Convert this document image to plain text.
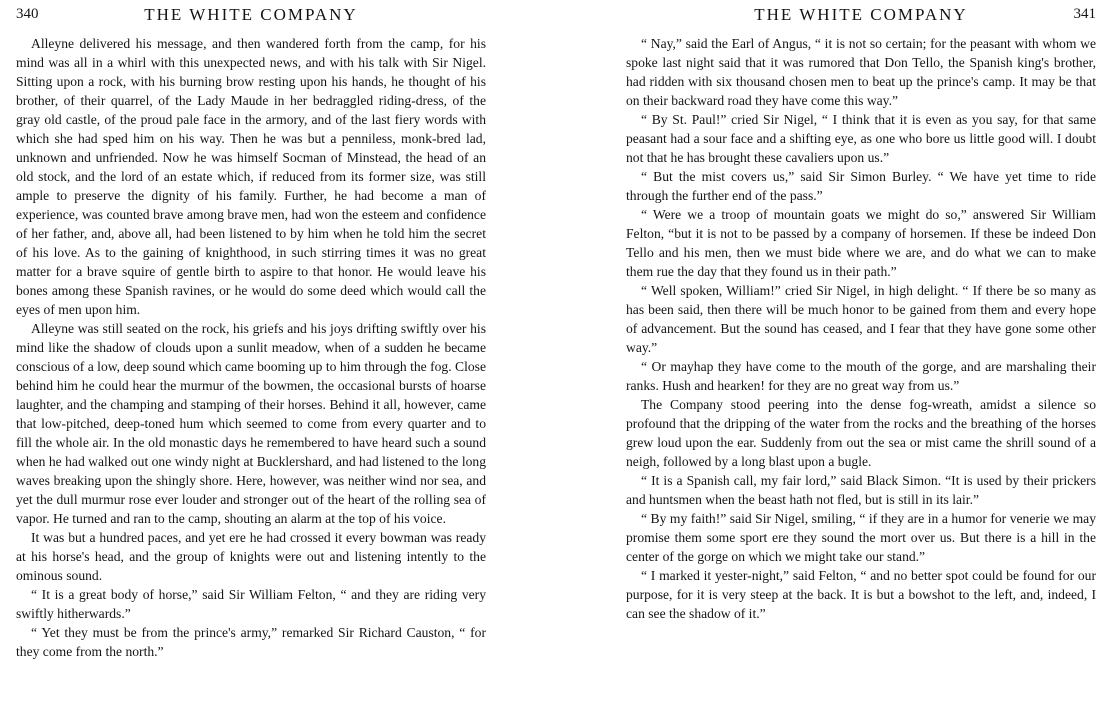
340	THE WHITE COMPANY

Alleyne delivered his message, and then wandered forth from the camp, for his mind was all in a whirl with this unexpected news, and with his talk with Sir Nigel. Sitting upon a rock, with his burning brow resting upon his hands, he thought of his brother, of their quarrel, of the Lady Maude in her bedraggled riding-dress, of the gray old castle, of the proud pale face in the armory, and of the last fiery words with which she had sped him on his way. Then he was but a penniless, monk-bred lad, unknown and unfriended. Now he was himself Socman of Minstead, the head of an old stock, and the lord of an estate which, if reduced from its former size, was still ample to preserve the dignity of his family. Further, he had become a man of experience, was counted brave among brave men, had won the esteem and confidence of her father, and, above all, had been listened to by him when he told him the secret of his love. As to the gaining of knighthood, in such stirring times it was no great matter for a brave squire of gentle birth to aspire to that honor. He would leave his bones among these Spanish ravines, or he would do some deed which would call the eyes of men upon him.

Alleyne was still seated on the rock, his griefs and his joys drifting swiftly over his mind like the shadow of clouds upon a sunlit meadow, when of a sudden he became conscious of a low, deep sound which came booming up to him through the fog. Close behind him he could hear the murmur of the bowmen, the occasional bursts of hoarse laughter, and the champing and stamping of their horses. Behind it all, however, came that low-pitched, deep-toned hum which seemed to come from every quarter and to fill the whole air. In the old monastic days he remembered to have heard such a sound when he had walked out one windy night at Bucklershard, and had listened to the long waves breaking upon the shingly shore. Here, however, was neither wind nor sea, and yet the dull murmur rose ever louder and stronger out of the heart of the rolling sea of vapor. He turned and ran to the camp, shouting an alarm at the top of his voice.

It was but a hundred paces, and yet ere he had crossed it every bowman was ready at his horse's head, and the group of knights were out and listening intently to the ominous sound.

“ It is a great body of horse,” said Sir William Felton, “ and they are riding very swiftly hitherwards.”

“ Yet they must be from the prince's army,” remarked Sir Richard Causton, “ for they come from the north.”

THE WHITE COMPANY	341

“ Nay,” said the Earl of Angus, “ it is not so certain; for the peasant with whom we spoke last night said that it was rumored that Don Tello, the Spanish king's brother, had ridden with six thousand chosen men to beat up the prince's camp. It may be that on their backward road they have come this way.”

“ By St. Paul!” cried Sir Nigel, “ I think that it is even as you say, for that same peasant had a sour face and a shifting eye, as one who bore us little good will. I doubt not that he has brought these cavaliers upon us.”

“ But the mist covers us,” said Sir Simon Burley. “ We have yet time to ride through the further end of the pass.”

“ Were we a troop of mountain goats we might do so,” answered Sir William Felton, “but it is not to be passed by a company of horsemen. If these be indeed Don Tello and his men, then we must bide where we are, and do what we can to make them rue the day that they found us in their path.”

“ Well spoken, William!” cried Sir Nigel, in high delight. “ If there be so many as has been said, then there will be much honor to be gained from them and every hope of advancement. But the sound has ceased, and I fear that they have gone some other way.”

“ Or mayhap they have come to the mouth of the gorge, and are marshaling their ranks. Hush and hearken! for they are no great way from us.”

The Company stood peering into the dense fog-wreath, amidst a silence so profound that the dripping of the water from the rocks and the breathing of the horses grew loud upon the ear. Suddenly from out the sea or mist came the shrill sound of a neigh, followed by a long blast upon a bugle.

“ It is a Spanish call, my fair lord,” said Black Simon. “It is used by their prickers and huntsmen when the beast hath not fled, but is still in its lair.”

“ By my faith!” said Sir Nigel, smiling, “ if they are in a humor for venerie we may promise them some sport ere they sound the mort over us. But there is a hill in the center of the gorge on which we might take our stand.”

“ I marked it yester-night,” said Felton, “ and no better spot could be found for our purpose, for it is very steep at the back. It is but a bowshot to the left, and, indeed, I can see the shadow of it.”
